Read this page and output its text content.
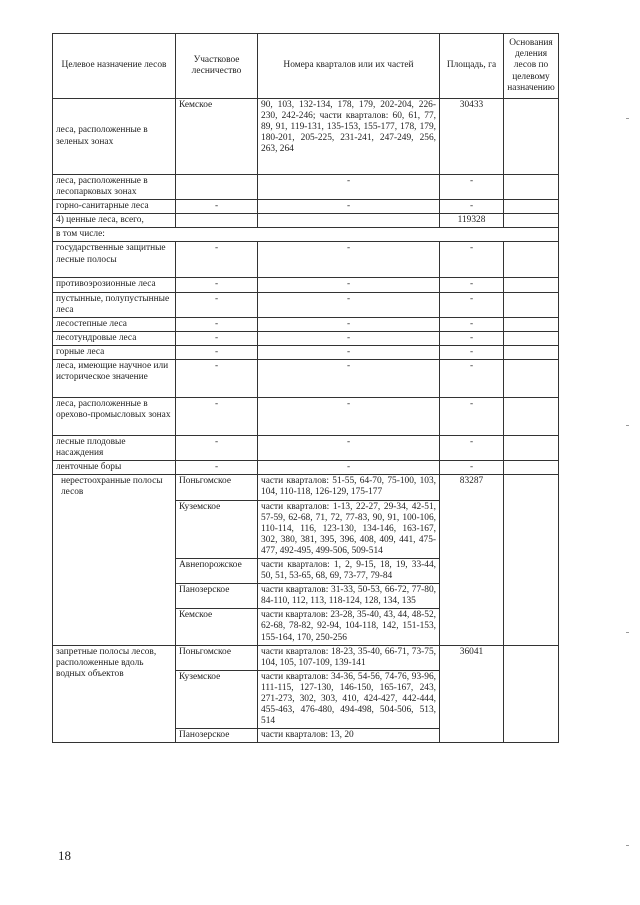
Целевое назначение лесов	Участковое лесничество	Номера кварталов или их частей	Площадь, га	Основания деления лесов по целевому назначению
леса, расположенные в зеленых зонах	Кемское	90, 103, 132-134, 178, 179, 202-204, 226-230, 242-246; части кварталов: 60, 61, 77, 89, 91, 119-131, 135-153, 155-177, 178, 179, 180-201, 205-225, 231-241, 247-249, 256, 263, 264	30433	
леса, расположенные в лесопарковых зонах		-	-	
горно-санитарные леса	-	-	-	
4) ценные леса, всего,			119328	
в том числе:				
государственные защитные лесные полосы	-	-	-	
противоэрозионные леса	-	-	-	
пустынные, полупустынные леса	-	-	-	
лесостепные леса	-	-	-	
лесотундровые леса	-	-	-	
горные леса	-	-	-	
леса, имеющие научное или историческое значение	-	-	-	
леса, расположенные в орехово-промысловых зонах	-	-	-	
лесные плодовые насаждения	-	-	-	
ленточные боры	-	-	-	
нерестоохранные полосы лесов	Поньгомское	части кварталов: 51-55, 64-70, 75-100, 103, 104, 110-118, 126-129, 175-177	83287	
	Куземское	части кварталов: 1-13, 22-27, 29-34, 42-51, 57-59, 62-68, 71, 72, 77-83, 90, 91, 100-106, 110-114, 116, 123-130, 134-146, 163-167, 302, 380, 381, 395, 396, 408, 409, 441, 475-477, 492-495, 499-506, 509-514		
	Авнепорожское	части кварталов: 1, 2, 9-15, 18, 19, 33-44, 50, 51, 53-65, 68, 69, 73-77, 79-84		
	Панозерское	части кварталов: 31-33, 50-53, 66-72, 77-80, 84-110, 112, 113, 118-124, 128, 134, 135		
	Кемское	части кварталов: 23-28, 35-40, 43, 44, 48-52, 62-68, 78-82, 92-94, 104-118, 142, 151-153, 155-164, 170, 250-256		
запретные полосы лесов, расположенные вдоль водных объектов	Поньгомское	части кварталов: 18-23, 35-40, 66-71, 73-75, 104, 105, 107-109, 139-141	36041	
	Куземское	части кварталов: 34-36, 54-56, 74-76, 93-96, 111-115, 127-130, 146-150, 165-167, 243, 271-273, 302, 303, 410, 424-427, 442-444, 455-463, 476-480, 494-498, 504-506, 513, 514		
	Панозерское	части кварталов: 13, 20		
18
